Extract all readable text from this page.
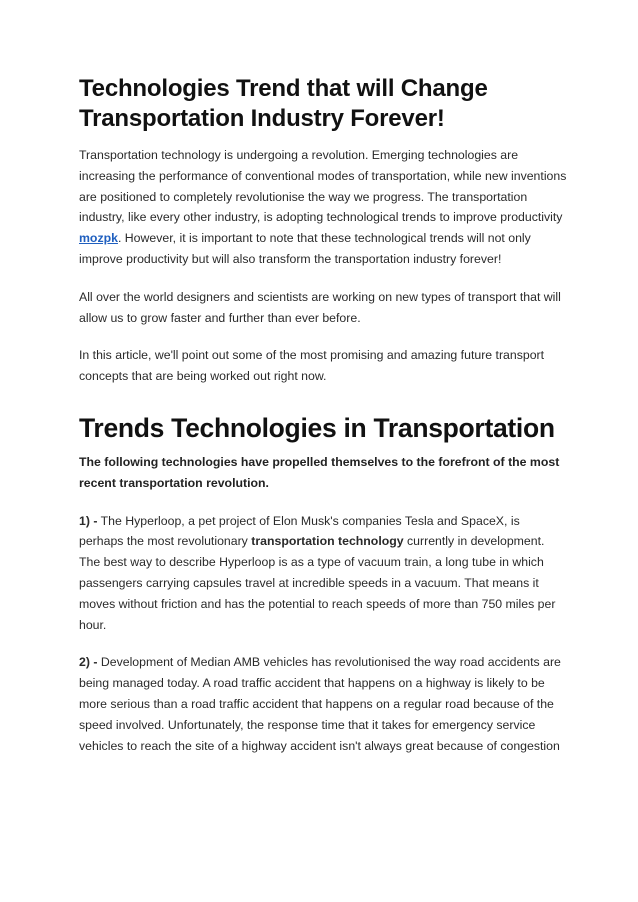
Technologies Trend that will Change Transportation Industry Forever!

Transportation technology is undergoing a revolution. Emerging technologies are increasing the performance of conventional modes of transportation, while new inventions are positioned to completely revolutionise the way we progress. The transportation industry, like every other industry, is adopting technological trends to improve productivity mozpk. However, it is important to note that these technological trends will not only improve productivity but will also transform the transportation industry forever!

All over the world designers and scientists are working on new types of transport that will allow us to grow faster and further than ever before.

In this article, we'll point out some of the most promising and amazing future transport concepts that are being worked out right now.

Trends Technologies in Transportation

The following technologies have propelled themselves to the forefront of the most recent transportation revolution.

1) - The Hyperloop, a pet project of Elon Musk's companies Tesla and SpaceX, is perhaps the most revolutionary transportation technology currently in development. The best way to describe Hyperloop is as a type of vacuum train, a long tube in which passengers carrying capsules travel at incredible speeds in a vacuum. That means it moves without friction and has the potential to reach speeds of more than 750 miles per hour.

2) - Development of Median AMB vehicles has revolutionised the way road accidents are being managed today. A road traffic accident that happens on a highway is likely to be more serious than a road traffic accident that happens on a regular road because of the speed involved. Unfortunately, the response time that it takes for emergency service vehicles to reach the site of a highway accident isn't always great because of congestion
